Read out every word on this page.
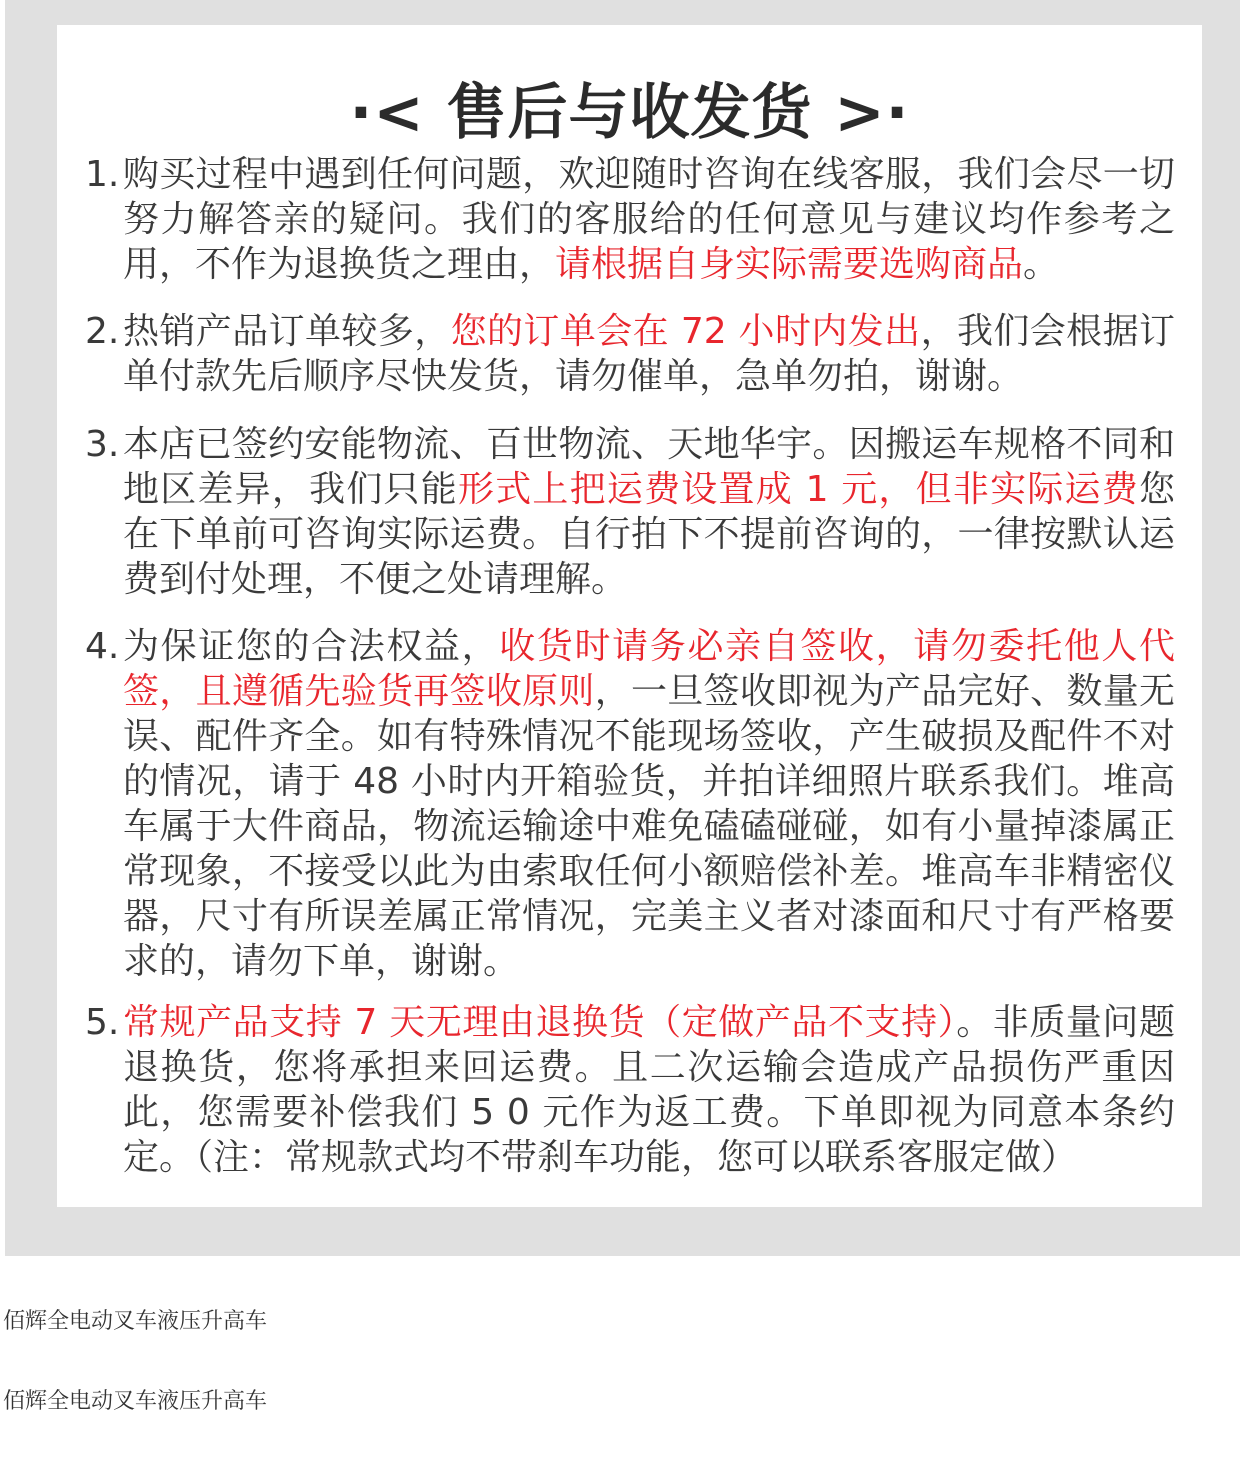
·< 售后与收发货 >·
1. 购买过程中遇到任何问题，欢迎随时咨询在线客服，我们会尽一切努力解答亲的疑问。我们的客服给的任何意见与建议均作参考之用，不作为退换货之理由，请根据自身实际需要选购商品。
2. 热销产品订单较多，您的订单会在 72 小时内发出，我们会根据订单付款先后顺序尽快发货，请勿催单，急单勿拍，谢谢。
3. 本店已签约安能物流、百世物流、天地华宇。因搬运车规格不同和地区差异，我们只能形式上把运费设置成 1 元，但非实际运费您在下单前可咨询实际运费。自行拍下不提前咨询的，一律按默认运费到付处理，不便之处请理解。
4. 为保证您的合法权益，收货时请务必亲自签收，请勿委托他人代签，且遵循先验货再签收原则，一旦签收即视为产品完好、数量无误、配件齐全。如有特殊情况不能现场签收，产生破损及配件不对的情况，请于 48 小时内开箱验货，并拍详细照片联系我们。堆高车属于大件商品，物流运输途中难免磕磕碰碰，如有小量掉漆属正常现象，不接受以此为由索取任何小额赔偿补差。堆高车非精密仪器，尺寸有所误差属正常情况，完美主义者对漆面和尺寸有严格要求的，请勿下单，谢谢。
5. 常规产品支持 7 天无理由退换货（定做产品不支持）。非质量问题退换货，您将承担来回运费。且二次运输会造成产品损伤严重因此，您需要补偿我们 5 0 元作为返工费。下单即视为同意本条约定。（注：常规款式均不带刹车功能，您可以联系客服定做）
佰辉全电动叉车液压升高车
佰辉全电动叉车液压升高车
